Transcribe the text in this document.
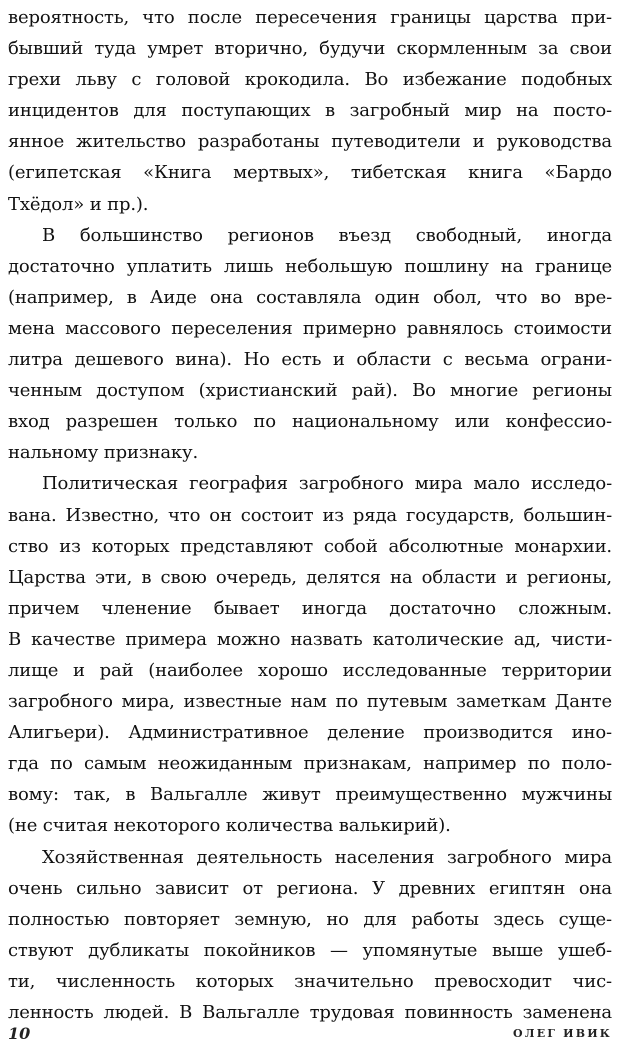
вероятность, что после пересечения границы царства при-
бывший туда умрет вторично, будучи скормленным за свои
грехи льву с головой крокодила. Во избежание подобных
инцидентов для поступающих в загробный мир на посто-
янное жительство разработаны путеводители и руководства
(египетская «Книга мертвых», тибетская книга «Бардо
Тхёдол» и пр.).
В большинство регионов въезд свободный, иногда
достаточно уплатить лишь небольшую пошлину на границе
(например, в Аиде она составляла один обол, что во вре-
мена массового переселения примерно равнялось стоимости
литра дешевого вина). Но есть и области с весьма ограни-
ченным доступом (христианский рай). Во многие регионы
вход разрешен только по национальному или конфессио-
нальному признаку.
Политическая география загробного мира мало исследо-
вана. Известно, что он состоит из ряда государств, большин-
ство из которых представляют собой абсолютные монархии.
Царства эти, в свою очередь, делятся на области и регионы,
причем членение бывает иногда достаточно сложным.
В качестве примера можно назвать католические ад, чисти-
лище и рай (наиболее хорошо исследованные территории
загробного мира, известные нам по путевым заметкам Данте
Алигьери). Административное деление производится ино-
гда по самым неожиданным признакам, например по поло-
вому: так, в Вальгалле живут преимущественно мужчины
(не считая некоторого количества валькирий).
Хозяйственная деятельность населения загробного мира
очень сильно зависит от региона. У древних египтян она
полностью повторяет земную, но для работы здесь суще-
ствуют дубликаты покойников — упомянутые выше ушеб-
ти, численность которых значительно превосходит чис-
ленность людей. В Вальгалле трудовая повинность заменена
10	ОЛЕГ ИВИК
